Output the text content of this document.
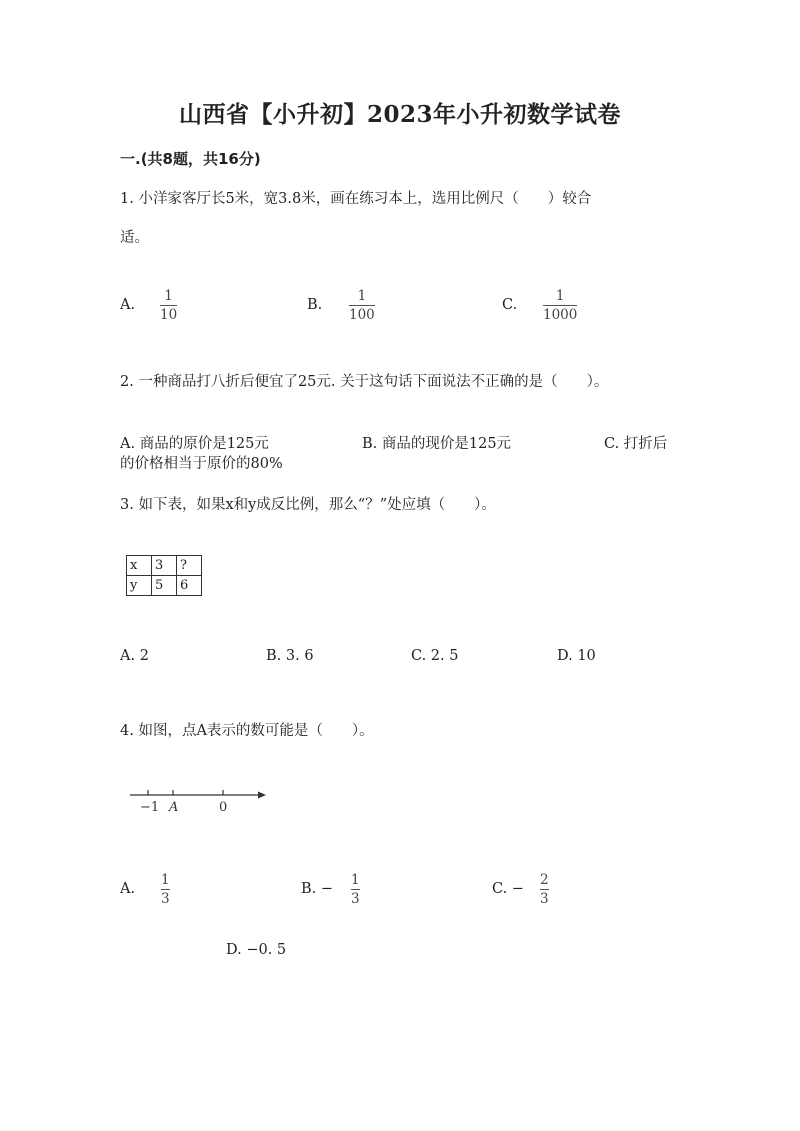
山西省【小升初】2023年小升初数学试卷
一.(共8题，共16分)
1. 小洋家客厅长5米，宽3.8米，画在练习本上，选用比例尺（　　）较合
适。
A.
1
10
B.
1
100
C.
1
1000
2. 一种商品打八折后便宜了25元. 关于这句话下面说法不正确的是（　　）。
A. 商品的原价是125元	B. 商品的现价是125元	C. 打折后
的价格相当于原价的80%
3. 如下表，如果x和y成反比例，那么“？”处应填（　　）。
x	3	?
y	5	6
A. 2	B. 3. 6	C. 2. 5	D. 10
4. 如图，点A表示的数可能是（　　）。
−1 A	0
A.
1
3
B. −
1
3
C. −
2
3
D. −0. 5
